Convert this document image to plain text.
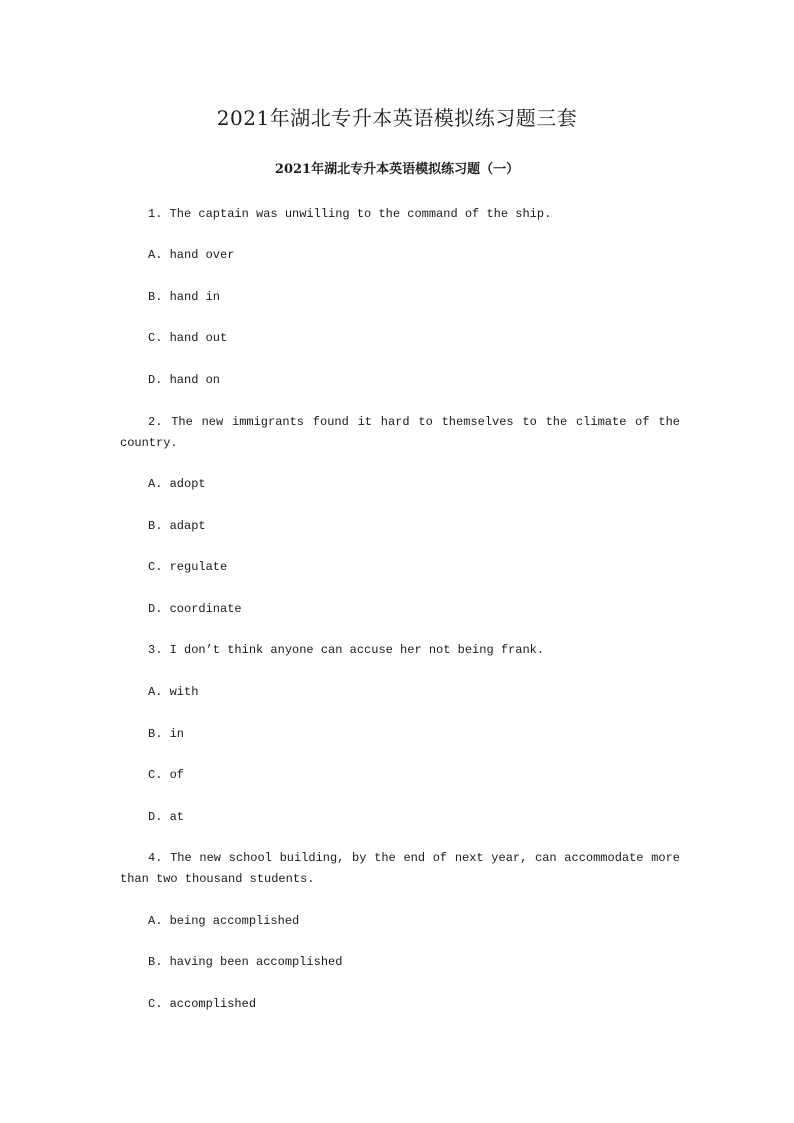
2021年湖北专升本英语模拟练习题三套
2021年湖北专升本英语模拟练习题（一）

1. The captain was unwilling to the command of the ship.

A. hand over

B. hand in

C. hand out

D. hand on

2. The new immigrants found it hard to themselves to the climate of the country.

A. adopt

B. adapt

C. regulate

D. coordinate

3. I don’t think anyone can accuse her not being frank.

A. with

B. in

C. of

D. at

4. The new school building, by the end of next year, can accommodate more than two thousand students.

A. being accomplished

B. having been accomplished

C. accomplished
